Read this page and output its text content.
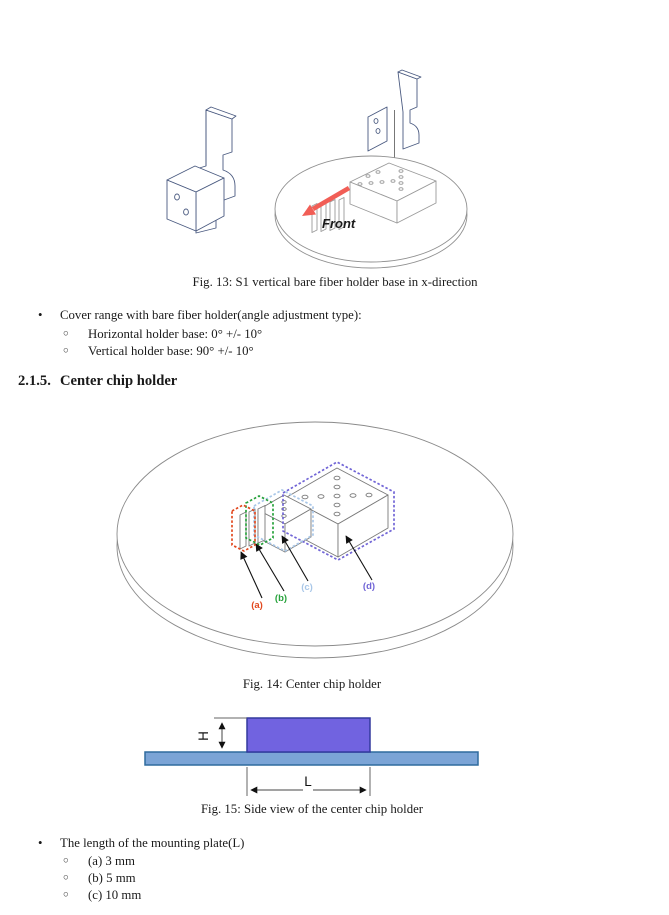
Front
(a)
(b)
(c)	(d)
H
L
Fig. 13: S1 vertical bare fiber holder base in x-direction
• Cover range with bare fiber holder(angle adjustment type):
○ Horizontal holder base: 0° +/- 10°
○ Vertical holder base: 90° +/- 10°
2.1.5. Center chip holder
Fig. 14: Center chip holder
Fig. 15: Side view of the center chip holder
• The length of the mounting plate(L)
○ (a) 3 mm
○ (b) 5 mm
○ (c) 10 mm
